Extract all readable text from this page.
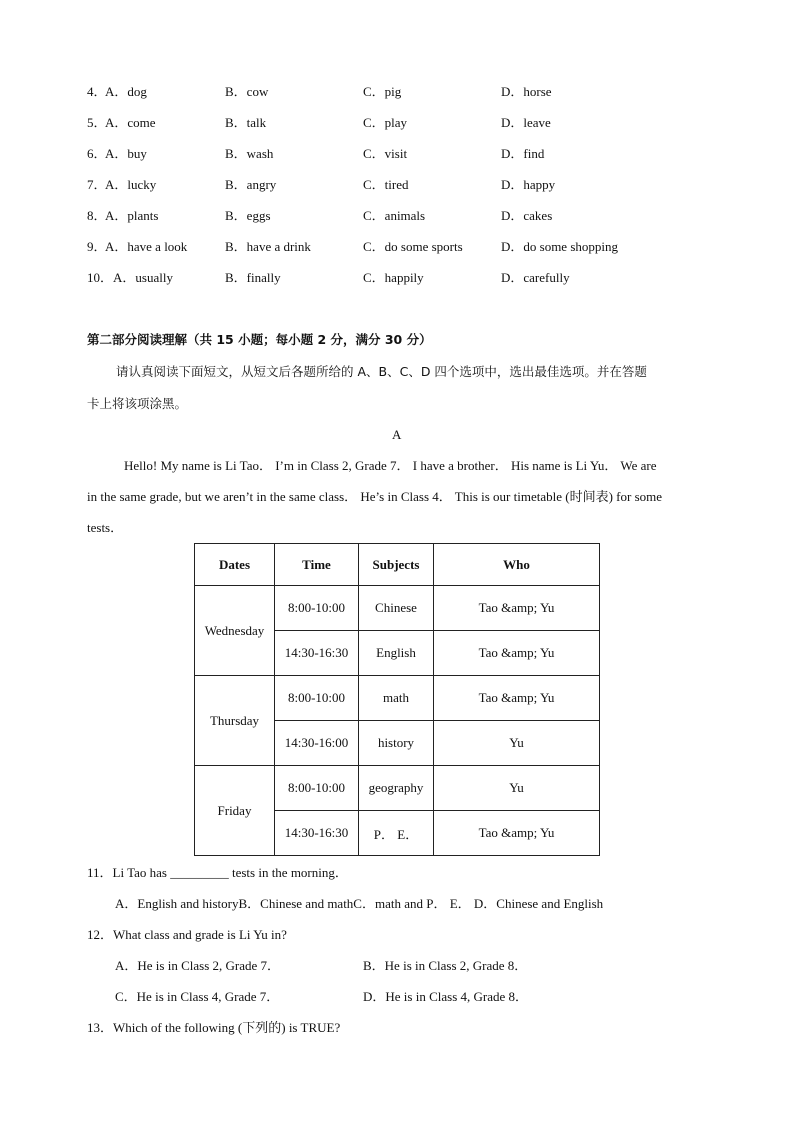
4．
A．dog	B．cow	C．pig	D．horse
5．
A．come	B．talk	C．play	D．leave
6．
A．buy	B．wash	C．visit	D．find
7．
A．lucky	B．angry	C．tired	D．happy
8．
A．plants	B．eggs	C．animals	D．cakes
9．
A．have a look	B．have a drink	C．do some sports	D．do some shopping
10． A．usually	B．finally	C．happily	D．carefully
第二部分阅读理解（共 15 小题；每小题 2 分，满分 30 分）
请认真阅读下面短文，从短文后各题所给的 A、B、C、D 四个选项中，选出最佳选项。并在答题
卡上将该项涂黑。
A
Hello! My name is Li Tao． I’m in Class 2, Grade 7． I have a brother． His name is Li Yu． We are
in the same grade, but we aren’t in the same class． He’s in Class 4． This is our timetable (时间表) for some
tests．
Dates	Time	Subjects	Who
Wednesday	8:00-10:00	Chinese	Tao &amp; Yu
	14:30-16:30	English	Tao &amp; Yu
Thursday	8:00-10:00	math	Tao &amp; Yu
	14:30-16:00	history	Yu
Friday	8:00-10:00	geography	Yu
	14:30-16:30	P． E．	Tao &amp; Yu
11．Li Tao has _________ tests in the morning．
A．English and historyB．Chinese and mathC．math and P． E． D．Chinese and English
12．What class and grade is Li Yu in?
A．He is in Class 2, Grade 7．	B．He is in Class 2, Grade 8．
C．He is in Class 4, Grade 7．	D．He is in Class 4, Grade 8．
13．Which of the following (下列的) is TRUE?
